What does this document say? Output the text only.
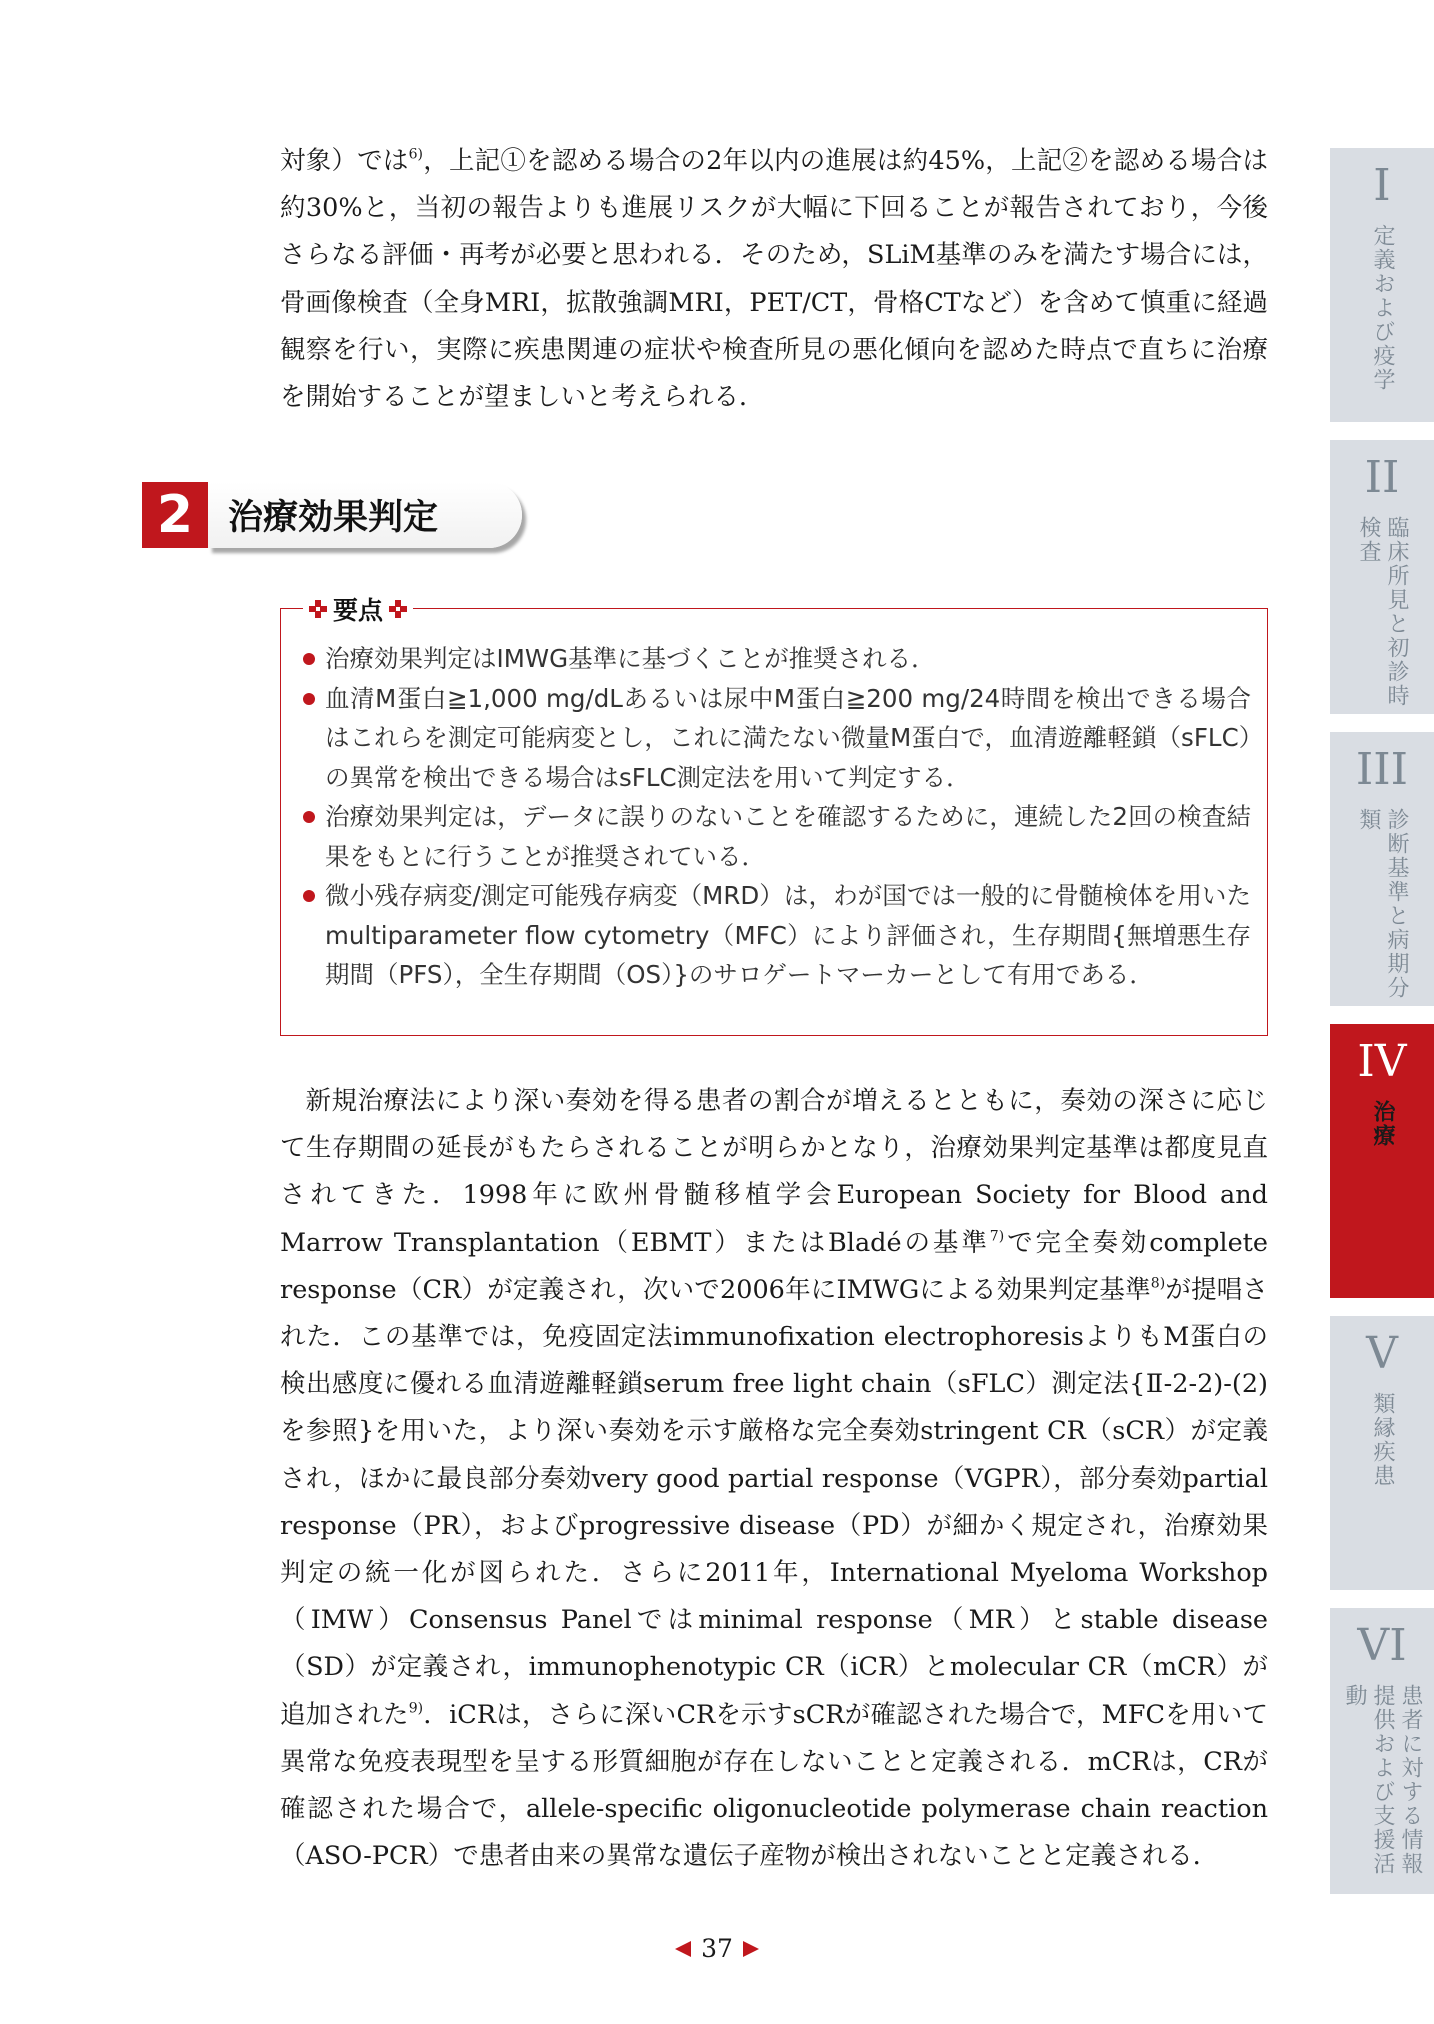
対象）では$^{6)}$，上記①を認める場合の2年以内の進展は約45%，上記②を認める場合は約30%と，当初の報告よりも進展リスクが大幅に下回ることが報告されており，今後さらなる評価・再考が必要と思われる．そのため，SLiM基準のみを満たす場合には，骨画像検査（全身MRI，拡散強調MRI，PET/CT，骨格CTなど）を含めて慎重に経過観察を行い，実際に疾患関連の症状や検査所見の悪化傾向を認めた時点で直ちに治療を開始することが望ましいと考えられる．

2 治療効果判定
要点
治療効果判定はIMWG基準に基づくことが推奨される．
血清M蛋白≧1,000 mg/dLあるいは尿中M蛋白≧200 mg/24時間を検出できる場合はこれらを測定可能病変とし，これに満たない微量M蛋白で，血清遊離軽鎖（sFLC）の異常を検出できる場合はsFLC測定法を用いて判定する．
治療効果判定は，データに誤りのないことを確認するために，連続した2回の検査結果をもとに行うことが推奨されている．
微小残存病変/測定可能残存病変（MRD）は，わが国では一般的に骨髄検体を用いたmultiparameter flow cytometry（MFC）により評価され，生存期間{無増悪生存期間（PFS），全生存期間（OS）}のサロゲートマーカーとして有用である．

新規治療法により深い奏効を得る患者の割合が増えるとともに，奏効の深さに応じて生存期間の延長がもたらされることが明らかとなり，治療効果判定基準は都度見直されてきた．1998年に欧州骨髄移植学会European Society for Blood and Marrow Transplantation（EBMT）またはBladéの基準$^{7)}$で完全奏効complete response（CR）が定義され，次いで2006年にIMWGによる効果判定基準$^{8)}$が提唱された．この基準では，免疫固定法immunofixation electrophoresisよりもM蛋白の検出感度に優れる血清遊離軽鎖serum free light chain（sFLC）測定法{Ⅱ-2-2)-(2)を参照}を用いた，より深い奏効を示す厳格な完全奏効stringent CR（sCR）が定義され，ほかに最良部分奏効very good partial response（VGPR），部分奏効partial response（PR），およびprogressive disease（PD）が細かく規定され，治療効果判定の統一化が図られた．さらに2011年，International Myeloma Workshop（IMW）Consensus Panelではminimal response（MR）とstable disease（SD）が定義され，immunophenotypic CR（iCR）とmolecular CR（mCR）が追加された$^{9)}$．iCRは，さらに深いCRを示すsCRが確認された場合で，MFCを用いて異常な免疫表現型を呈する形質細胞が存在しないことと定義される．mCRは，CRが確認された場合で，allele-specific oligonucleotide polymerase chain reaction（ASO-PCR）で患者由来の異常な遺伝子産物が検出されないことと定義される．

I
定義および疫学
II
臨床所見と初診時検査
III
診断基準と病期分類
IV
治療
V
類縁疾患
VI
患者に対する情報提供および支援活動
37
